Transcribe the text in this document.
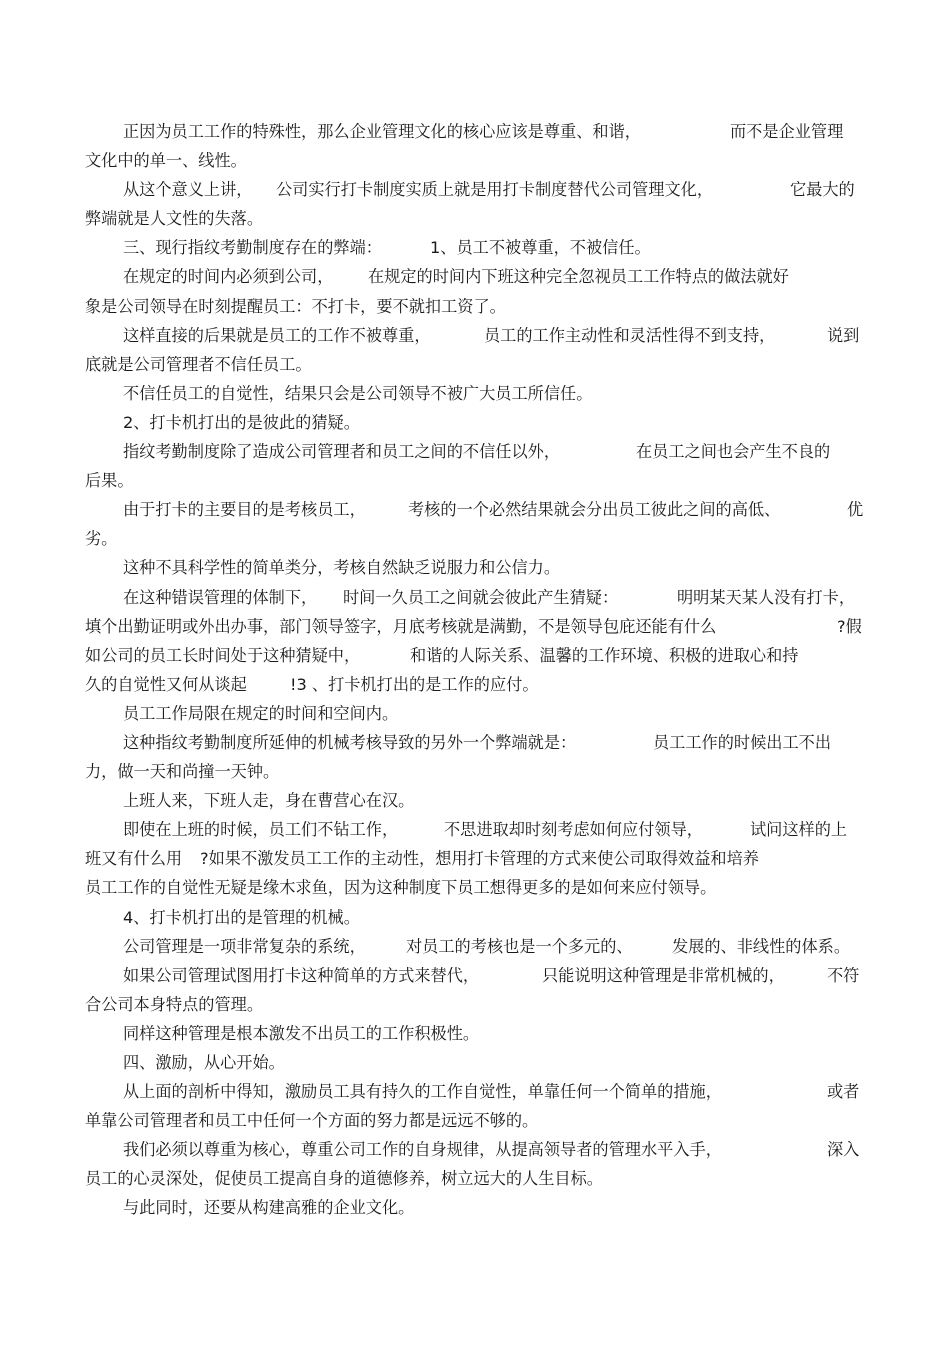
正因为员工工作的特殊性，那么企业管理文化的核心应该是尊重、和谐，	而不是企业管理
文化中的单一、线性。
从这个意义上讲， 公司实行打卡制度实质上就是用打卡制度替代公司管理文化，	它最大的
弊端就是人文性的失落。
三、现行指纹考勤制度存在的弊端：	1、员工不被尊重，不被信任。
在规定的时间内必须到公司， 在规定的时间内下班这种完全忽视员工工作特点的做法就好
象是公司领导在时刻提醒员工：不打卡，要不就扣工资了。
这样直接的后果就是员工的工作不被尊重，	员工的工作主动性和灵活性得不到支持，	说到
底就是公司管理者不信任员工。
不信任员工的自觉性，结果只会是公司领导不被广大员工所信任。
2、打卡机打出的是彼此的猜疑。
指纹考勤制度除了造成公司管理者和员工之间的不信任以外，	在员工之间也会产生不良的
后果。
由于打卡的主要目的是考核员工，	考核的一个必然结果就会分出员工彼此之间的高低、	优
劣。
这种不具科学性的简单类分，考核自然缺乏说服力和公信力。
在这种错误管理的体制下， 时间一久员工之间就会彼此产生猜疑：	明明某天某人没有打卡，
填个出勤证明或外出办事，部门领导签字，月底考核就是满勤，不是领导包庇还能有什么	?假
如公司的员工长时间处于这种猜疑中，	和谐的人际关系、温馨的工作环境、积极的进取心和持
久的自觉性又何从谈起	!3 、打卡机打出的是工作的应付。
员工工作局限在规定的时间和空间内。
这种指纹考勤制度所延伸的机械考核导致的另外一个弊端就是：	员工工作的时候出工不出
力，做一天和尚撞一天钟。
上班人来，下班人走，身在曹营心在汉。
即使在上班的时候，员工们不钻工作，	不思进取却时刻考虑如何应付领导，	试问这样的上
班又有什么用 ?如果不激发员工工作的主动性，想用打卡管理的方式来使公司取得效益和培养
员工工作的自觉性无疑是缘木求鱼，因为这种制度下员工想得更多的是如何来应付领导。
4、打卡机打出的是管理的机械。
公司管理是一项非常复杂的系统， 对员工的考核也是一个多元的、 发展的、非线性的体系。
如果公司管理试图用打卡这种简单的方式来替代，	只能说明这种管理是非常机械的，	不符
合公司本身特点的管理。
同样这种管理是根本激发不出员工的工作积极性。
四、激励，从心开始。
从上面的剖析中得知，激励员工具有持久的工作自觉性，单靠任何一个简单的措施，	或者
单靠公司管理者和员工中任何一个方面的努力都是远远不够的。
我们必须以尊重为核心，尊重公司工作的自身规律，从提高领导者的管理水平入手，	深入
员工的心灵深处，促使员工提高自身的道德修养，树立远大的人生目标。
与此同时，还要从构建高雅的企业文化。
